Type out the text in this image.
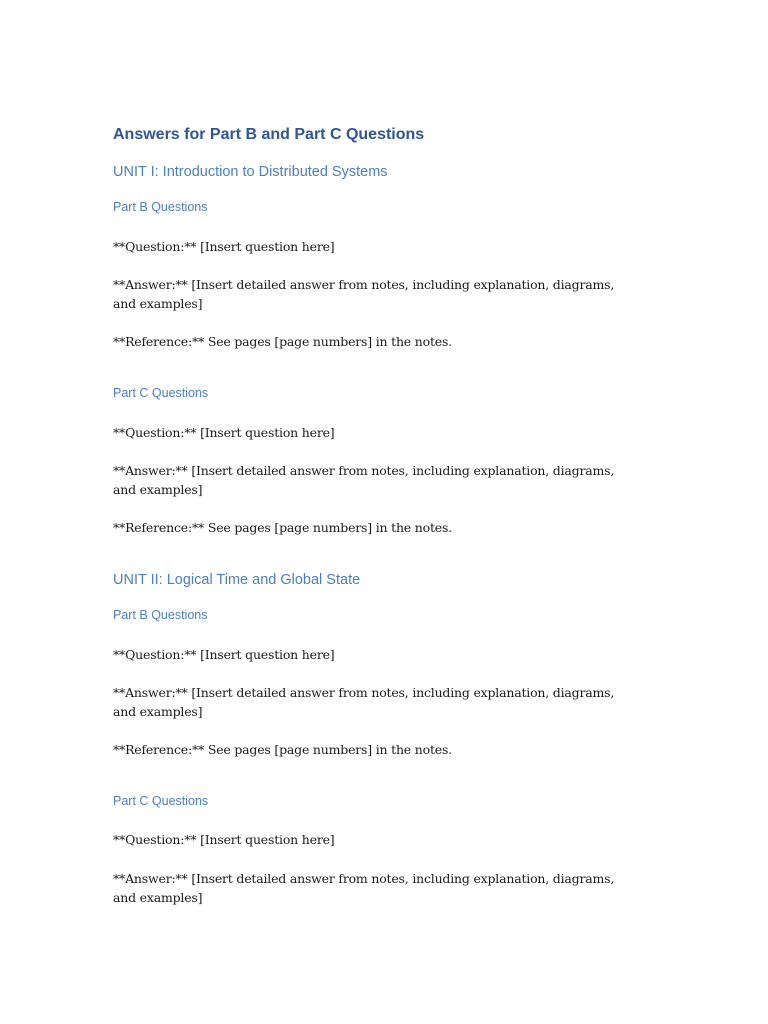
Answers for Part B and Part C Questions
UNIT I: Introduction to Distributed Systems
Part B Questions
**Question:** [Insert question here]
**Answer:** [Insert detailed answer from notes, including explanation, diagrams, and examples]
**Reference:** See pages [page numbers] in the notes.
Part C Questions
**Question:** [Insert question here]
**Answer:** [Insert detailed answer from notes, including explanation, diagrams, and examples]
**Reference:** See pages [page numbers] in the notes.
UNIT II: Logical Time and Global State
Part B Questions
**Question:** [Insert question here]
**Answer:** [Insert detailed answer from notes, including explanation, diagrams, and examples]
**Reference:** See pages [page numbers] in the notes.
Part C Questions
**Question:** [Insert question here]
**Answer:** [Insert detailed answer from notes, including explanation, diagrams, and examples]
